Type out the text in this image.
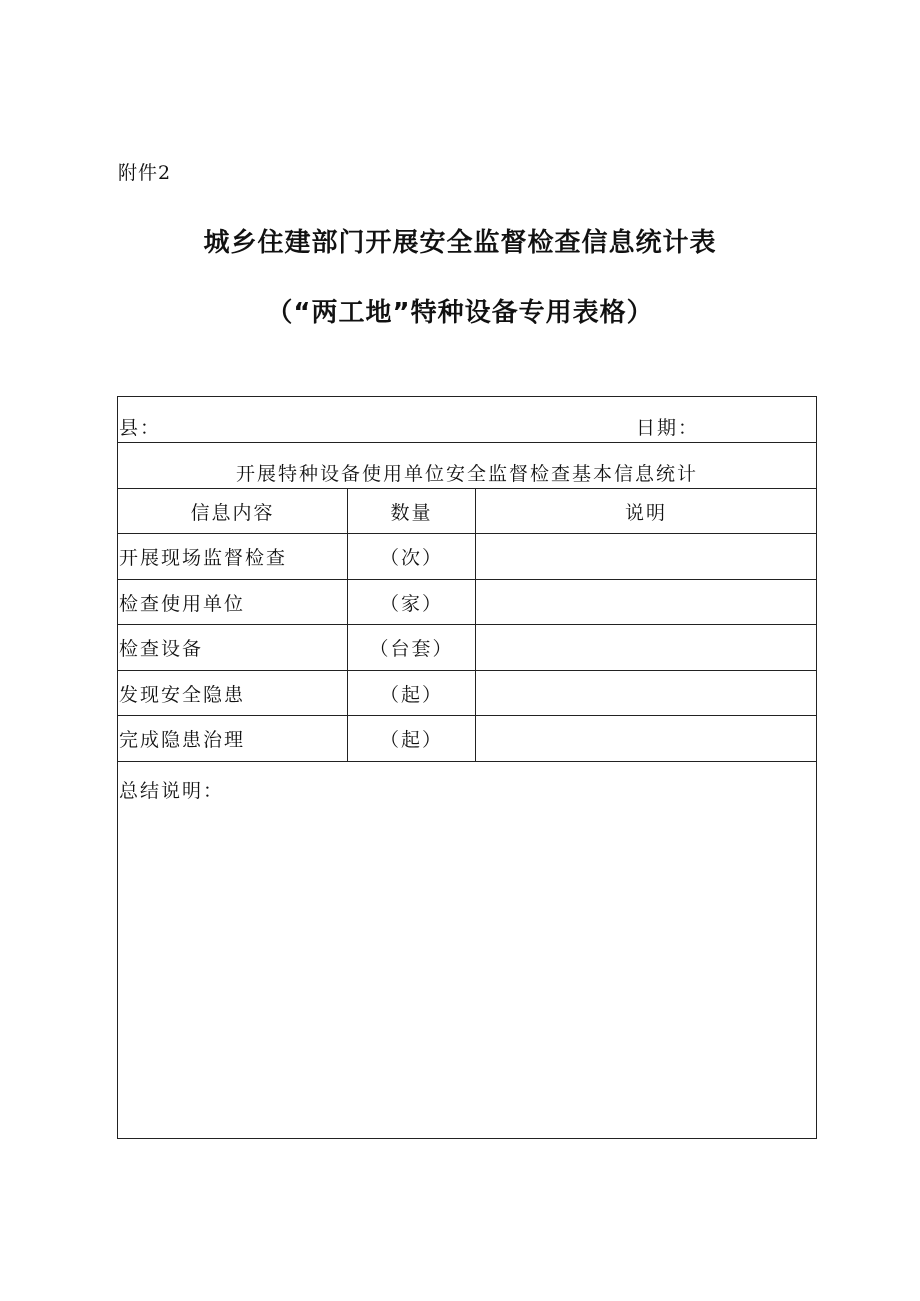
附件2
城乡住建部门开展安全监督检查信息统计表
（“两工地”特种设备专用表格）
县：	日期：
开展特种设备使用单位安全监督检查基本信息统计
信息内容	数量	说明
开展现场监督检查	（次）
检查使用单位	（家）
检查设备	（台套）
发现安全隐患	（起）
完成隐患治理	（起）
总结说明：
